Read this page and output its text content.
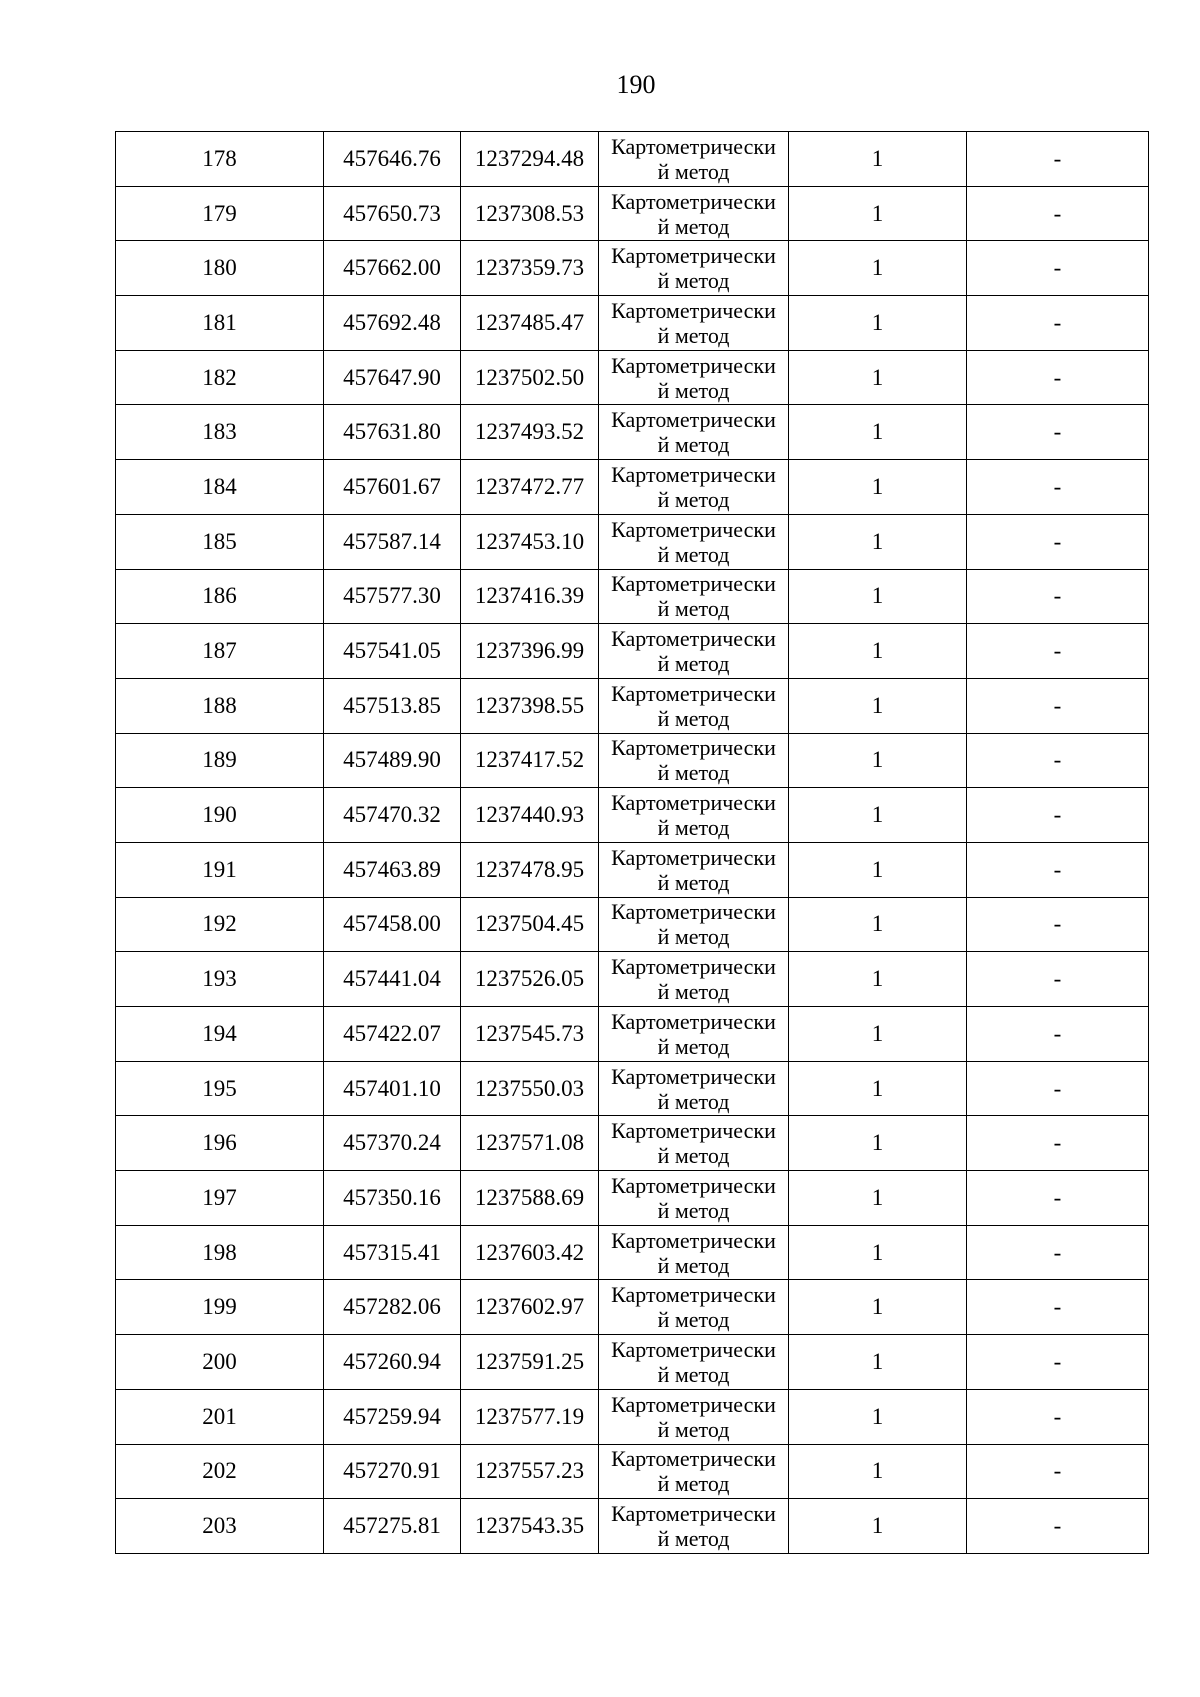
190
178	457646.76	1237294.48	Картометрически
й метод	1	-
179	457650.73	1237308.53	Картометрически
й метод	1	-
180	457662.00	1237359.73	Картометрически
й метод	1	-
181	457692.48	1237485.47	Картометрически
й метод	1	-
182	457647.90	1237502.50	Картометрически
й метод	1	-
183	457631.80	1237493.52	Картометрически
й метод	1	-
184	457601.67	1237472.77	Картометрически
й метод	1	-
185	457587.14	1237453.10	Картометрически
й метод	1	-
186	457577.30	1237416.39	Картометрически
й метод	1	-
187	457541.05	1237396.99	Картометрически
й метод	1	-
188	457513.85	1237398.55	Картометрически
й метод	1	-
189	457489.90	1237417.52	Картометрически
й метод	1	-
190	457470.32	1237440.93	Картометрически
й метод	1	-
191	457463.89	1237478.95	Картометрически
й метод	1	-
192	457458.00	1237504.45	Картометрически
й метод	1	-
193	457441.04	1237526.05	Картометрически
й метод	1	-
194	457422.07	1237545.73	Картометрически
й метод	1	-
195	457401.10	1237550.03	Картометрически
й метод	1	-
196	457370.24	1237571.08	Картометрически
й метод	1	-
197	457350.16	1237588.69	Картометрически
й метод	1	-
198	457315.41	1237603.42	Картометрически
й метод	1	-
199	457282.06	1237602.97	Картометрически
й метод	1	-
200	457260.94	1237591.25	Картометрически
й метод	1	-
201	457259.94	1237577.19	Картометрически
й метод	1	-
202	457270.91	1237557.23	Картометрически
й метод	1	-
203	457275.81	1237543.35	Картометрически
й метод	1	-
